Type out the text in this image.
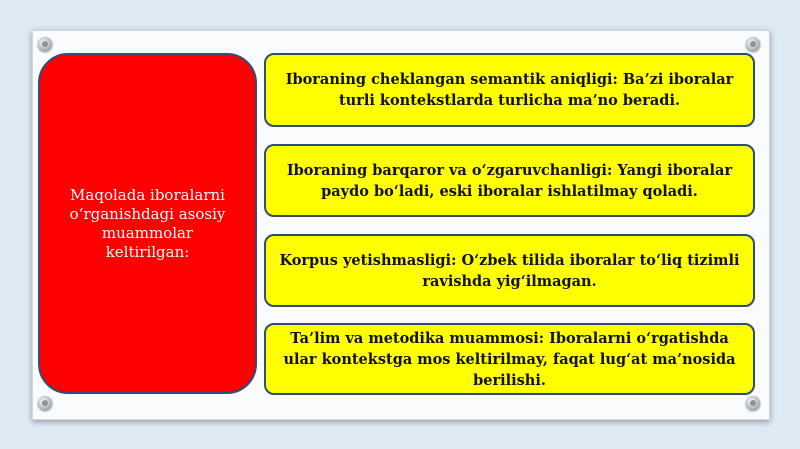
Maqolada iboralarni o‘rganishdagi asosiy muammolar keltirilgan:
Iboraning cheklangan semantik aniqligi: Ba’zi iboralar turli kontekstlarda turlicha ma’no beradi.
Iboraning barqaror va o‘zgaruvchanligi: Yangi iboralar paydo bo‘ladi, eski iboralar ishlatilmay qoladi.
Korpus yetishmasligi: O‘zbek tilida iboralar to‘liq tizimli ravishda yig‘ilmagan.
Ta’lim va metodika muammosi: Iboralarni o‘rgatishda ular kontekstga mos keltirilmay, faqat lug‘at ma’nosida berilishi.
